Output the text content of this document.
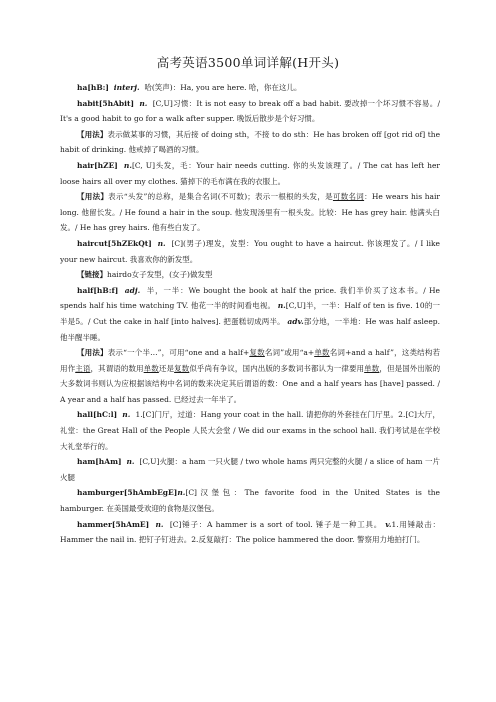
高考英语3500单词详解(H开头)

ha[hB:] interj. 哈(笑声)：Ha, you are here. 哈，你在这儿。

habit[5hAbit] n. [C,U]习惯：It is not easy to break off a bad habit. 要改掉一个坏习惯不容易。/ It's a good habit to go for a walk after supper. 晚饭后散步是个好习惯。

【用法】表示做某事的习惯，其后接 of doing sth，不接 to do sth：He has broken off [got rid of] the habit of drinking. 他戒掉了喝酒的习惯。

hair[hZE] n.[C, U]头发，毛：Your hair needs cutting. 你的头发该理了。/ The cat has left her loose hairs all over my clothes. 猫掉下的毛布满在我的衣服上。

【用法】表示“头发”的总称，是集合名词(不可数)；表示一根根的头发，是可数名词：He wears his hair long. 他留长发。/ He found a hair in the soup. 他发现汤里有一根头发。比较：He has grey hair. 他满头白发。/ He has grey hairs. 他有些白发了。

haircut[5hZEkQt] n. [C](男子)理发，发型：You ought to have a haircut. 你该理发了。/ I like your new haircut. 我喜欢你的新发型。

【链接】hairdo女子发型，(女子)做发型

half[hB:f] adj. 半，一半：We bought the book at half the price. 我们半价买了这本书。/ He spends half his time watching TV. 他花一半的时间看电视。 n.[C,U]半，一半：Half of ten is five. 10的一半是5。/ Cut the cake in half [into halves]. 把蛋糕切成两半。 adv.部分地，一半地：He was half asleep. 他半醒半睡。

【用法】表示“一个半…”，可用“one and a half+复数名词”或用“a+单数名词+and a half”，这类结构若用作主语，其谓语的数用单数还是复数似乎尚有争议，国内出版的多数词书都认为一律要用单数，但是国外出版的大多数词书则认为应根据该结构中名词的数来决定其后谓语的数：One and a half years has [have] passed. / A year and a half has passed. 已经过去一年半了。

hall[hC:l] n. 1.[C]门厅，过道：Hang your coat in the hall. 请把你的外套挂在门厅里。2.[C]大厅，礼堂：the Great Hall of the People 人民大会堂 / We did our exams in the school hall. 我们考试是在学校大礼堂举行的。

ham[hAm] n. [C,U]火腿：a ham 一只火腿 / two whole hams 两只完整的火腿 / a slice of ham 一片火腿

hamburger[5hAmbEgE]n.[C]汉堡包：The favorite food in the United States is the hamburger. 在美国最受欢迎的食物是汉堡包。

hammer[5hAmE] n. [C]锤子：A hammer is a sort of tool. 锤子是一种工具。 v.1.用锤敲击：Hammer the nail in. 把钉子钉进去。2.反复敲打：The police hammered the door. 警察用力地拍打门。
